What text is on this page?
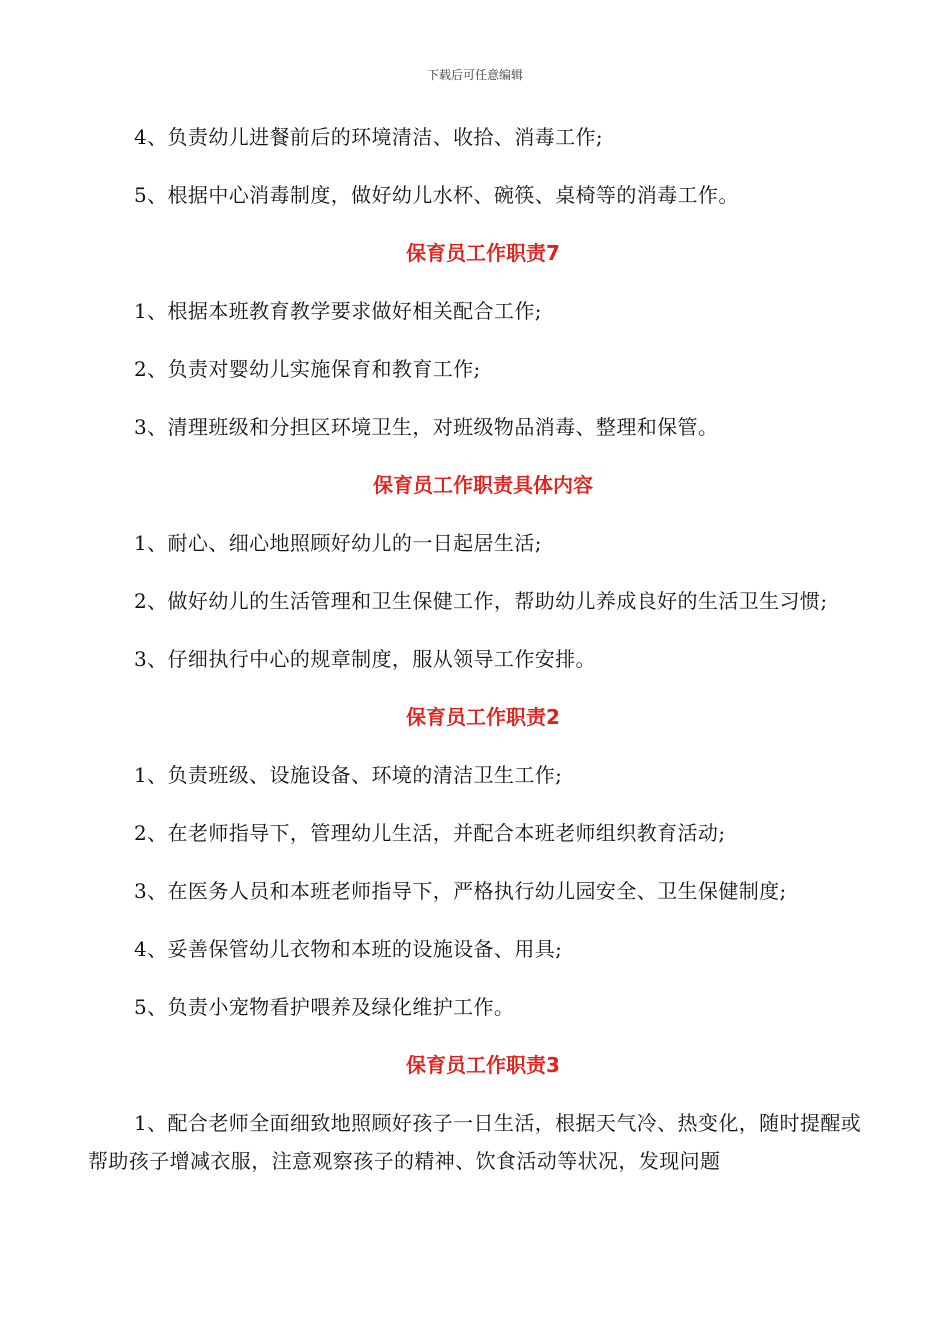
下载后可任意编辑

4、负责幼儿进餐前后的环境清洁、收拾、消毒工作;

5、根据中心消毒制度，做好幼儿水杯、碗筷、桌椅等的消毒工作。

保育员工作职责7

1、根据本班教育教学要求做好相关配合工作;

2、负责对婴幼儿实施保育和教育工作;

3、清理班级和分担区环境卫生，对班级物品消毒、整理和保管。

保育员工作职责具体内容

1、耐心、细心地照顾好幼儿的一日起居生活;

2、做好幼儿的生活管理和卫生保健工作，帮助幼儿养成良好的生活卫生习惯;

3、仔细执行中心的规章制度，服从领导工作安排。

保育员工作职责2

1、负责班级、设施设备、环境的清洁卫生工作;

2、在老师指导下，管理幼儿生活，并配合本班老师组织教育活动;

3、在医务人员和本班老师指导下，严格执行幼儿园安全、卫生保健制度;

4、妥善保管幼儿衣物和本班的设施设备、用具;

5、负责小宠物看护喂养及绿化维护工作。

保育员工作职责3

1、配合老师全面细致地照顾好孩子一日生活，根据天气冷、热变化，随时提醒或帮助孩子增减衣服，注意观察孩子的精神、饮食活动等状况，发现问题
